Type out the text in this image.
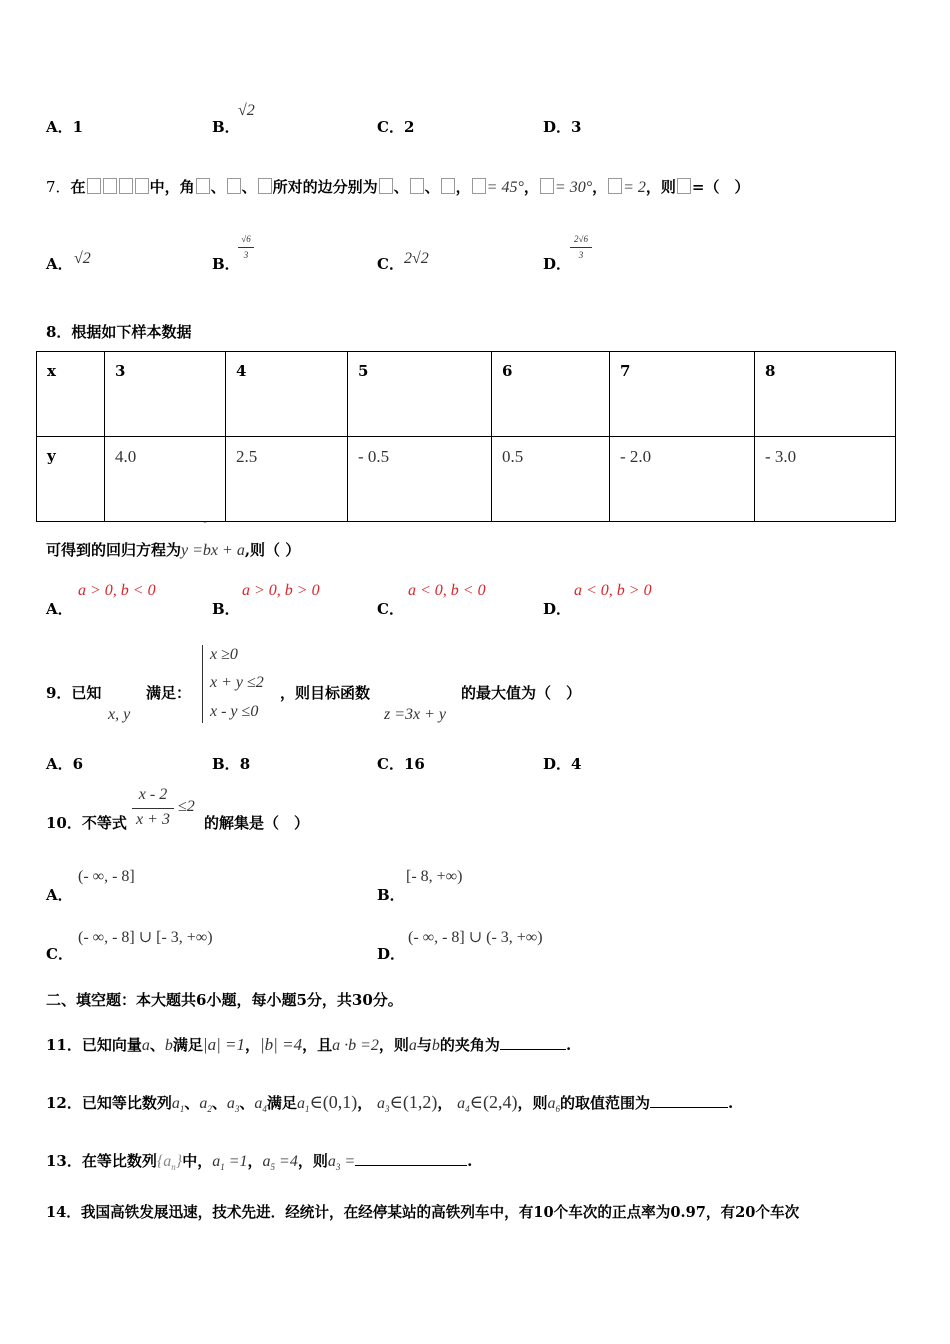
A．1	B．
√2
C．2	D．3
7．在	中，角 、 、 所对的边分别为 、 、 ， = 45°， = 30°， = 2，则 =（　）
A． √2	B．
√6
3	C． 2√2	D．
2√6
3
8．根据如下样本数据
x	3	4	5	6	7	8
y	4.0	2.5	- 0.5	0.5	- 2.0	- 3.0
可得到的回归方程为y =bx + a,则（ ）
ˆ
A．
a > 0, b < 0
B．
a > 0, b > 0
C．
a < 0, b < 0
D．
a < 0, b > 0
9．已知
x, y
满足：
x ≥0
x + y ≤2
x - y ≤0
，则目标函数
z =3x + y
的最大值为（　）
A．6	B．8	C．16	D．4
10．不等式
x - 2
x + 3
≤2
的解集是（　）
A．
(- ∞, - 8]
B．
[- 8, +∞)
C．
(- ∞, - 8] ∪ [- 3, +∞)
D．
(- ∞, - 8] ∪ (- 3, +∞)
二、填空题：本大题共6小题，每小题5分，共30分。
11．已知向量a、b满足|a| =1，|b| =4，且a ·b =2，则a与b的夹角为	.
12．已知等比数列$a_1$、$a_2$、$a_3$、$a_4$满足$a_1\in(0,1)$， $a_3\in(1,2)$， $a_4\in(2,4)$，则$a_6$的取值范围为	.
13．在等比数列$\{a_n\}$中，$a_1 =1$，$a_5 =4$，则$a_3$ =	.
14．我国高铁发展迅速，技术先进．经统计，在经停某站的高铁列车中，有10个车次的正点率为0.97，有20个车次
